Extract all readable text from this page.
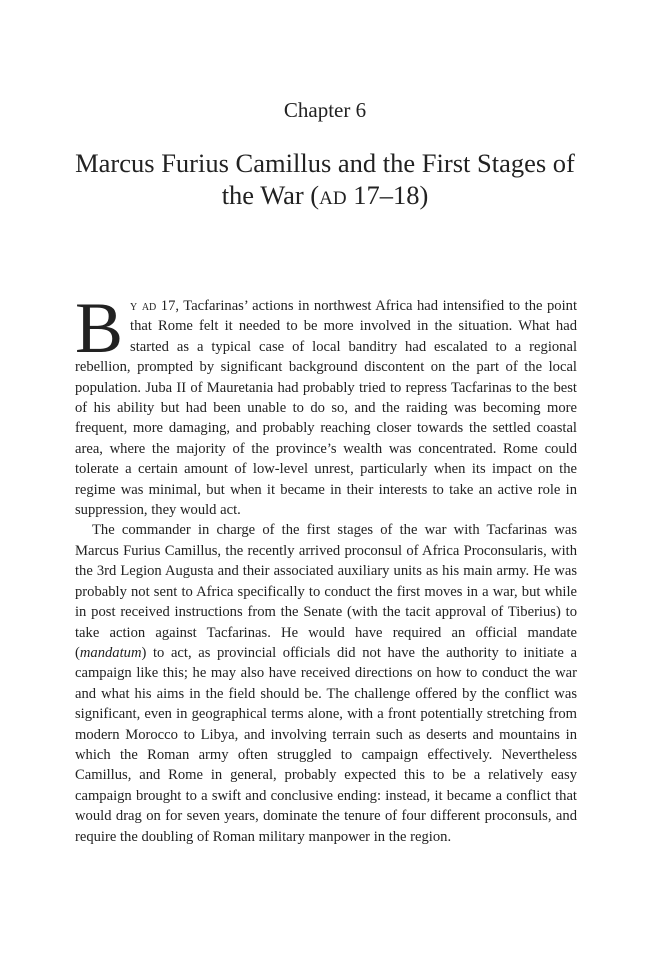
Chapter 6
Marcus Furius Camillus and the First Stages of the War (ad 17–18)

By ad 17, Tacfarinas’ actions in northwest Africa had intensified to the point that Rome felt it needed to be more involved in the situation. What had started as a typical case of local banditry had escalated to a regional rebellion, prompted by significant background discontent on the part of the local population. Juba II of Mauretania had probably tried to repress Tacfarinas to the best of his ability but had been unable to do so, and the raiding was becoming more frequent, more damaging, and probably reaching closer towards the settled coastal area, where the majority of the province’s wealth was concentrated. Rome could tolerate a certain amount of low-level unrest, particularly when its impact on the regime was minimal, but when it became in their interests to take an active role in suppression, they would act.

The commander in charge of the first stages of the war with Tacfarinas was Marcus Furius Camillus, the recently arrived proconsul of Africa Proconsularis, with the 3rd Legion Augusta and their associated auxiliary units as his main army. He was probably not sent to Africa specifically to conduct the first moves in a war, but while in post received instructions from the Senate (with the tacit approval of Tiberius) to take action against Tacfarinas. He would have required an official mandate (mandatum) to act, as provincial officials did not have the authority to initiate a campaign like this; he may also have received directions on how to conduct the war and what his aims in the field should be. The challenge offered by the conflict was significant, even in geographical terms alone, with a front potentially stretching from modern Morocco to Libya, and involving terrain such as deserts and mountains in which the Roman army often struggled to campaign effectively. Nevertheless Camillus, and Rome in general, probably expected this to be a relatively easy campaign brought to a swift and conclusive ending: instead, it became a conflict that would drag on for seven years, dominate the tenure of four different proconsuls, and require the doubling of Roman military manpower in the region.
